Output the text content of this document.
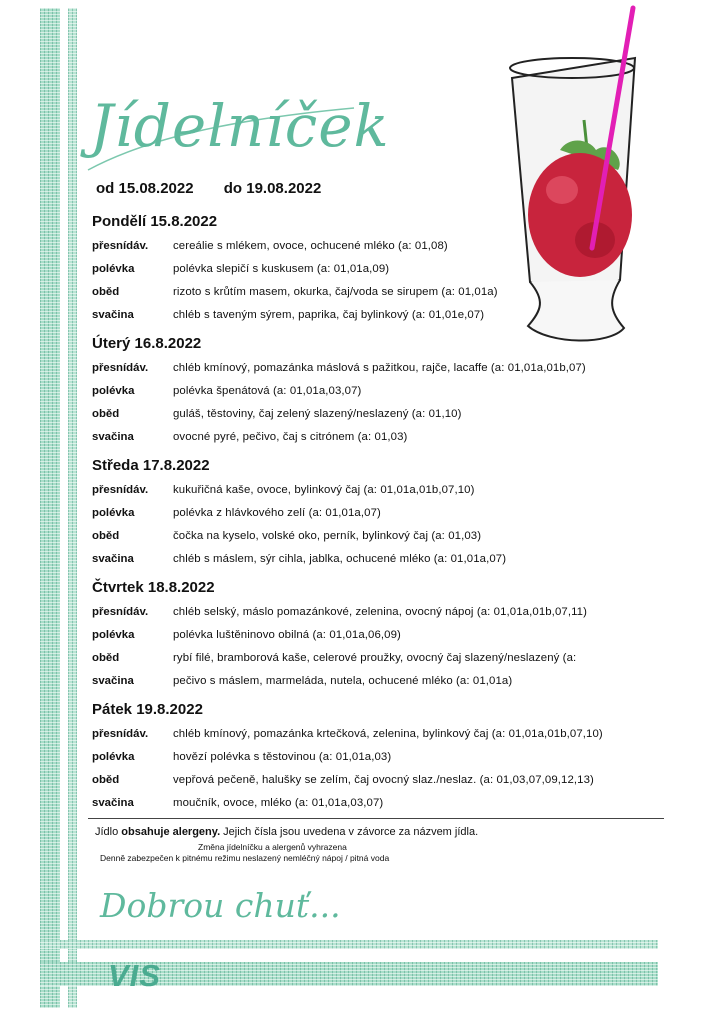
Jídelníček
od 15.08.2022 do 19.08.2022
Pondělí 15.8.2022
přesnídáv.	cereálie s mlékem, ovoce, ochucené mléko (a: 01,08)
polévka	polévka slepičí s kuskusem (a: 01,01a,09)
oběd	rizoto s krůtím masem, okurka, čaj/voda se sirupem (a: 01,01a)
svačina	chléb s taveným sýrem, paprika, čaj bylinkový (a: 01,01e,07)
Úterý 16.8.2022
přesnídáv.	chléb kmínový, pomazánka máslová s pažitkou, rajče, lacaffe (a: 01,01a,01b,07)
polévka	polévka špenátová (a: 01,01a,03,07)
oběd	guláš, těstoviny, čaj zelený slazený/neslazený (a: 01,10)
svačina	ovocné pyré, pečivo, čaj s citrónem (a: 01,03)
Středa 17.8.2022
přesnídáv.	kukuřičná kaše, ovoce, bylinkový čaj (a: 01,01a,01b,07,10)
polévka	polévka z hlávkového zelí (a: 01,01a,07)
oběd	čočka na kyselo, volské oko, perník, bylinkový čaj (a: 01,03)
svačina	chléb s máslem, sýr cihla, jablka, ochucené mléko (a: 01,01a,07)
Čtvrtek 18.8.2022
přesnídáv.	chléb selský, máslo pomazánkové, zelenina, ovocný nápoj (a: 01,01a,01b,07,11)
polévka	polévka luštěninovo obilná (a: 01,01a,06,09)
oběd	rybí filé, bramborová kaše, celerové proužky, ovocný čaj slazený/neslazený (a:
svačina	pečivo s máslem, marmeláda, nutela, ochucené mléko (a: 01,01a)
Pátek 19.8.2022
přesnídáv.	chléb kmínový, pomazánka krtečková, zelenina, bylinkový čaj (a: 01,01a,01b,07,10)
polévka	hovězí polévka s těstovinou (a: 01,01a,03)
oběd	vepřová pečeně, halušky se zelím, čaj ovocný slaz./neslaz. (a: 01,03,07,09,12,13)
svačina	moučník, ovoce, mléko (a: 01,01a,03,07)
Jídlo obsahuje alergeny. Jejich čísla jsou uvedena v závorce za názvem jídla.
Změna jídelníčku a alergenů vyhrazena
Denně zabezpečen k pitnému režimu neslazený nemléčný nápoj / pitná voda
Dobrou chuť...
VIS
